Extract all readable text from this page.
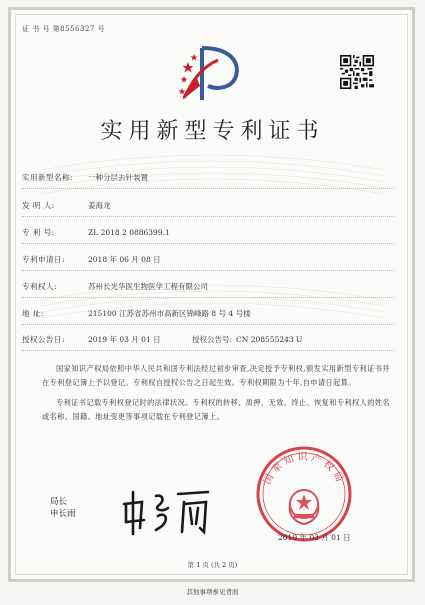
证 书 号 第8556327 号
实用新型专利证书
实用新型名称: 一种分层去针装置
发 明 人:	姜海龙
专 利 号:	ZL 2018 2 0886399.1
专利申请日:	2018 年 06 月 08 日
专利权人:	苏州长光华医生物医学工程有限公司
地 址:	215100 江苏省苏州市高新区锦峰路 8 号 4 号楼
授权公告日:	2019 年 03 月 01 日	授权公告号: CN 208555243 U

国家知识产权局依照中华人民共和国专利法经过初步审查,决定授予专利权,颁发实用新型专利证书并在专利登记簿上予以登记。专利权自授权公告之日起生效。专利权期限为十年,自申请日起算。

专利证书记载专利权登记时的法律状况。专利权的转移、质押、无效、终止、恢复和专利权人的姓名或名称、国籍、地址变更等事项记载在专利登记簿上。

局长
申长雨
国家知识产权局
2019 年 03 月 01 日
第 1 页 (共 2 页)
其他事项参见背面
